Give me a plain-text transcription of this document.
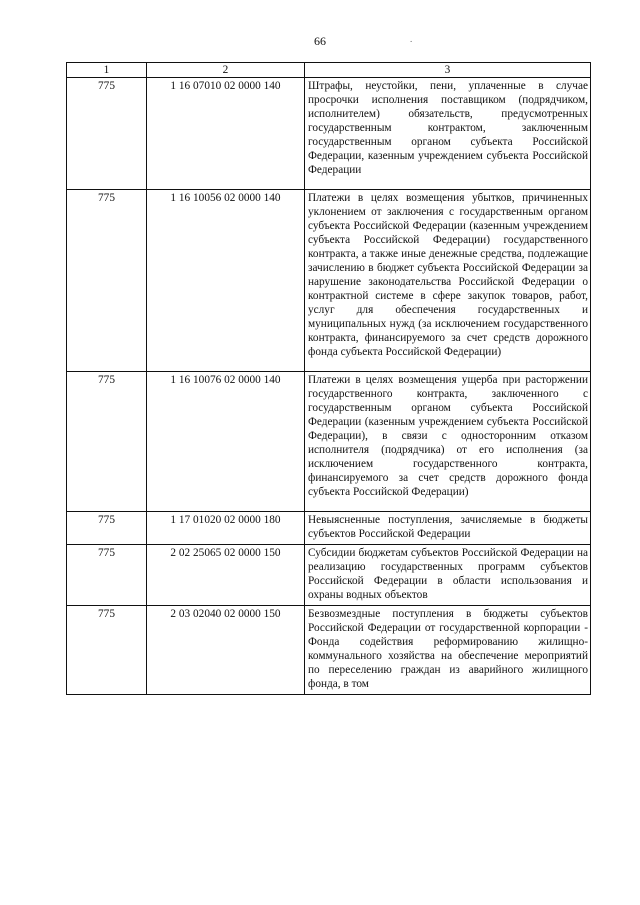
66	.
1	2	3
775	1 16 07010 02 0000 140	Штрафы, неустойки, пени, уплаченные в случае просрочки исполнения поставщиком (подрядчиком, исполнителем) обязательств, предусмотренных государственным контрактом, заключенным государственным органом субъекта Российской Федерации, казенным учреждением субъекта Российской Федерации

775	1 16 10056 02 0000 140	Платежи в целях возмещения убытков, причиненных уклонением от заключения с государственным органом субъекта Российской Федерации (казенным учреждением субъекта Российской Федерации) государственного контракта, а также иные денежные средства, подлежащие зачислению в бюджет субъекта Российской Федерации за нарушение законодательства Российской Федерации о контрактной системе в сфере закупок товаров, работ, услуг для обеспечения государственных и муниципальных нужд (за исключением государственного контракта, финансируемого за счет средств дорожного фонда субъекта Российской Федерации)

775	1 16 10076 02 0000 140	Платежи в целях возмещения ущерба при расторжении государственного контракта, заключенного с государственным органом субъекта Российской Федерации (казенным учреждением субъекта Российской Федерации), в связи с односторонним отказом исполнителя (подрядчика) от его исполнения (за исключением государственного контракта, финансируемого за счет средств дорожного фонда субъекта Российской Федерации)

775	1 17 01020 02 0000 180	Невыясненные поступления, зачисляемые в бюджеты субъектов Российской Федерации

775	2 02 25065 02 0000 150	Субсидии бюджетам субъектов Российской Федерации на реализацию государственных программ субъектов Российской Федерации в области использования и охраны водных объектов

775	2 03 02040 02 0000 150	Безвозмездные поступления в бюджеты субъектов Российской Федерации от государственной корпорации - Фонда содействия реформированию жилищно-коммунального хозяйства на обеспечение мероприятий по переселению граждан из аварийного жилищного фонда, в том
